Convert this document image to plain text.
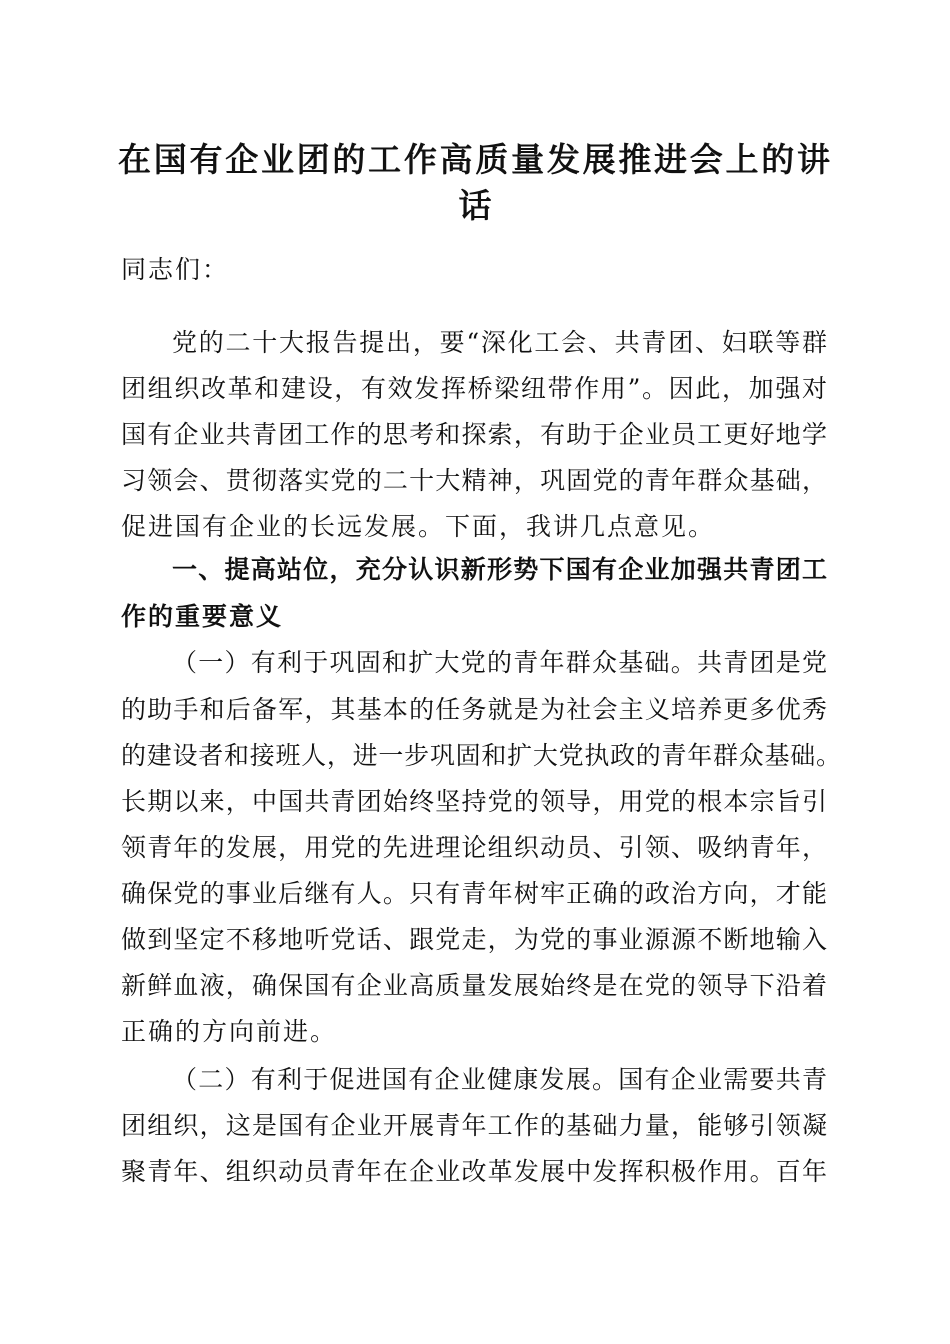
在国有企业团的工作高质量发展推进会上的讲
话
同志们：
党的二十大报告提出，要“深化工会、共青团、妇联等群
团组织改革和建设，有效发挥桥梁纽带作用”。因此，加强对
国有企业共青团工作的思考和探索，有助于企业员工更好地学
习领会、贯彻落实党的二十大精神，巩固党的青年群众基础，
促进国有企业的长远发展。下面，我讲几点意见。
一、提高站位，充分认识新形势下国有企业加强共青团工
作的重要意义
（一）有利于巩固和扩大党的青年群众基础。共青团是党
的助手和后备军，其基本的任务就是为社会主义培养更多优秀
的建设者和接班人，进一步巩固和扩大党执政的青年群众基础。
长期以来，中国共青团始终坚持党的领导，用党的根本宗旨引
领青年的发展，用党的先进理论组织动员、引领、吸纳青年，
确保党的事业后继有人。只有青年树牢正确的政治方向，才能
做到坚定不移地听党话、跟党走，为党的事业源源不断地输入
新鲜血液，确保国有企业高质量发展始终是在党的领导下沿着
正确的方向前进。
（二）有利于促进国有企业健康发展。国有企业需要共青
团组织，这是国有企业开展青年工作的基础力量，能够引领凝
聚青年、组织动员青年在企业改革发展中发挥积极作用。百年
